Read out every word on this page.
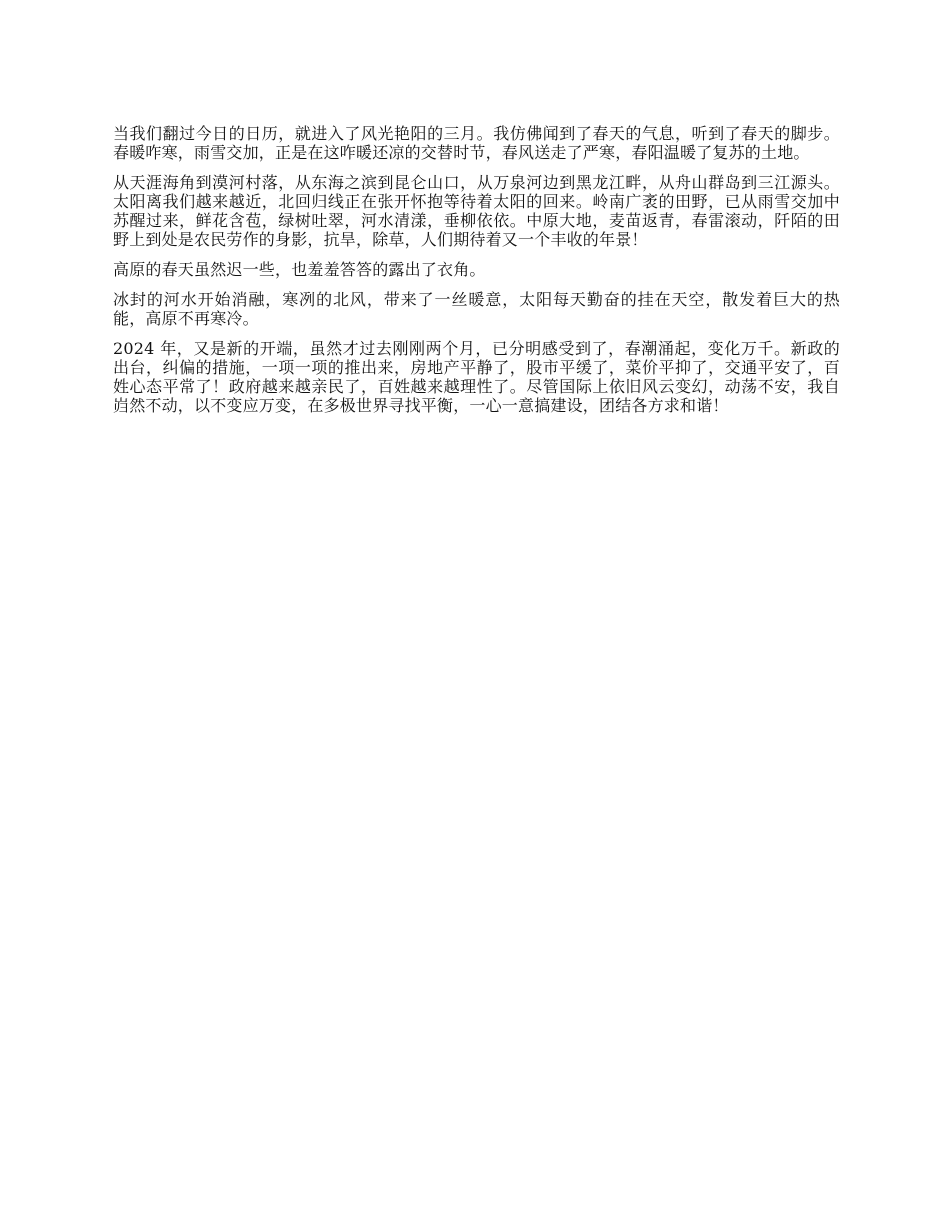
当我们翻过今日的日历，就进入了风光艳阳的三月。我仿佛闻到了春天的气息，听到了春天的脚步。春暖咋寒，雨雪交加，正是在这咋暖还凉的交替时节，春风送走了严寒，春阳温暖了复苏的土地。

从天涯海角到漠河村落，从东海之滨到昆仑山口，从万泉河边到黑龙江畔，从舟山群岛到三江源头。太阳离我们越来越近，北回归线正在张开怀抱等待着太阳的回来。岭南广袤的田野，已从雨雪交加中苏醒过来，鲜花含苞，绿树吐翠，河水清漾，垂柳依依。中原大地，麦苗返青，春雷滚动，阡陌的田野上到处是农民劳作的身影，抗旱，除草，人们期待着又一个丰收的年景！

高原的春天虽然迟一些，也羞羞答答的露出了衣角。

冰封的河水开始消融，寒冽的北风，带来了一丝暖意，太阳每天勤奋的挂在天空，散发着巨大的热能，高原不再寒冷。

2024 年，又是新的开端，虽然才过去刚刚两个月，已分明感受到了，春潮涌起，变化万千。新政的出台，纠偏的措施，一项一项的推出来，房地产平静了，股市平缓了，菜价平抑了，交通平安了，百姓心态平常了！政府越来越亲民了，百姓越来越理性了。尽管国际上依旧风云变幻，动荡不安，我自岿然不动，以不变应万变，在多极世界寻找平衡，一心一意搞建设，团结各方求和谐！
